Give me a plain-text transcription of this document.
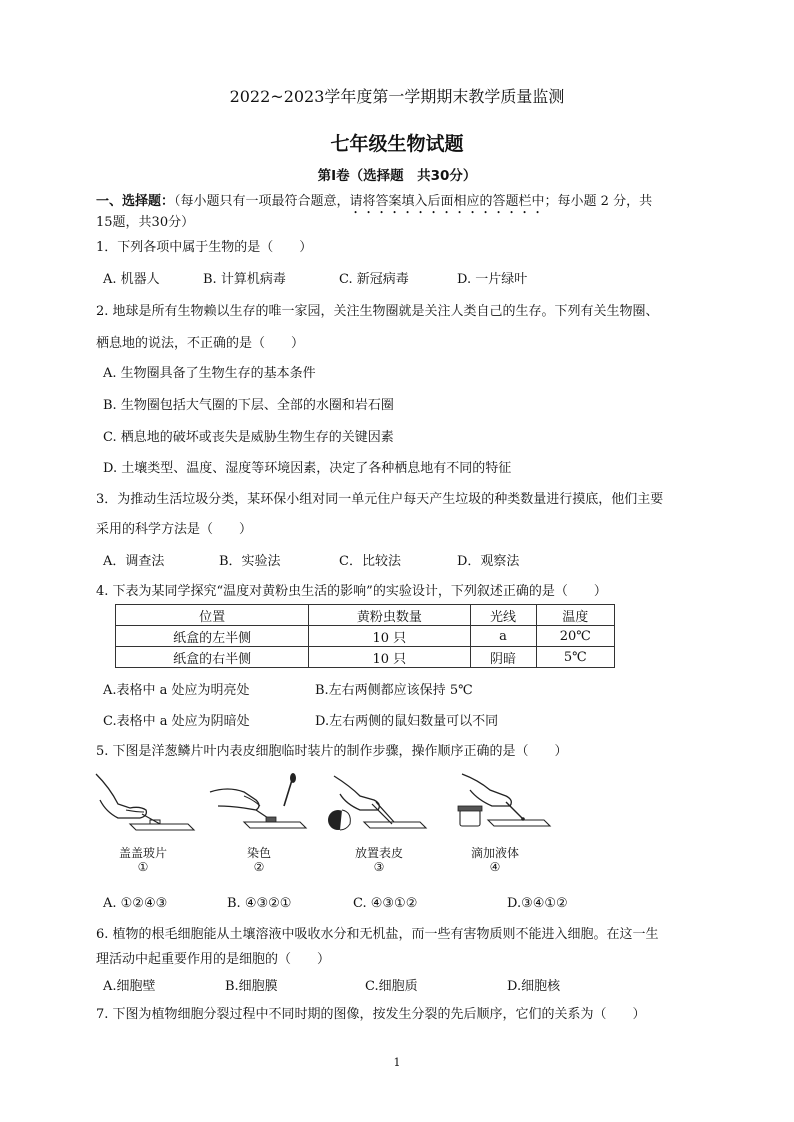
2022~2023学年度第一学期期末教学质量监测
七年级生物试题
第Ⅰ卷（选择题　共30分）
一、选择题：（每小题只有一项最符合题意，请将答案填入后面相应的答题栏中；每小题 2 分，共
15题，共30分）
1．下列各项中属于生物的是（　　）
A. 机器人	B. 计算机病毒	C. 新冠病毒	D. 一片绿叶
2. 地球是所有生物赖以生存的唯一家园，关注生物圈就是关注人类自己的生存。下列有关生物圈、
栖息地的说法，不正确的是（　　）
A. 生物圈具备了生物生存的基本条件
B. 生物圈包括大气圈的下层、全部的水圈和岩石圈
C. 栖息地的破坏或丧失是威胁生物生存的关键因素
D. 土壤类型、温度、湿度等环境因素，决定了各种栖息地有不同的特征
3．为推动生活垃圾分类，某环保小组对同一单元住户每天产生垃圾的种类数量进行摸底，他们主要
采用的科学方法是（　　）
A．调查法	B．实验法	C．比较法	D．观察法
4. 下表为某同学探究“温度对黄粉虫生活的影响”的实验设计，下列叙述正确的是（　　）
位置	黄粉虫数量	光线	温度
纸盒的左半侧	10 只	a	20℃
纸盒的右半侧	10 只	阴暗	5℃
A.表格中 a 处应为明亮处	B.左右两侧都应该保持 5℃
C.表格中 a 处应为阴暗处	D.左右两侧的鼠妇数量可以不同
5. 下图是洋葱鳞片叶内表皮细胞临时装片的制作步骤，操作顺序正确的是（　　）
盖盖玻片
①
染色
②
放置表皮
③
滴加液体
④
A. ①②④③	B. ④③②①	C. ④③①②	D.③④①②
6. 植物的根毛细胞能从土壤溶液中吸收水分和无机盐，而一些有害物质则不能进入细胞。在这一生
理活动中起重要作用的是细胞的（　　）
A.细胞壁	B.细胞膜	C.细胞质	D.细胞核
7. 下图为植物细胞分裂过程中不同时期的图像，按发生分裂的先后顺序，它们的关系为（　　）
1
